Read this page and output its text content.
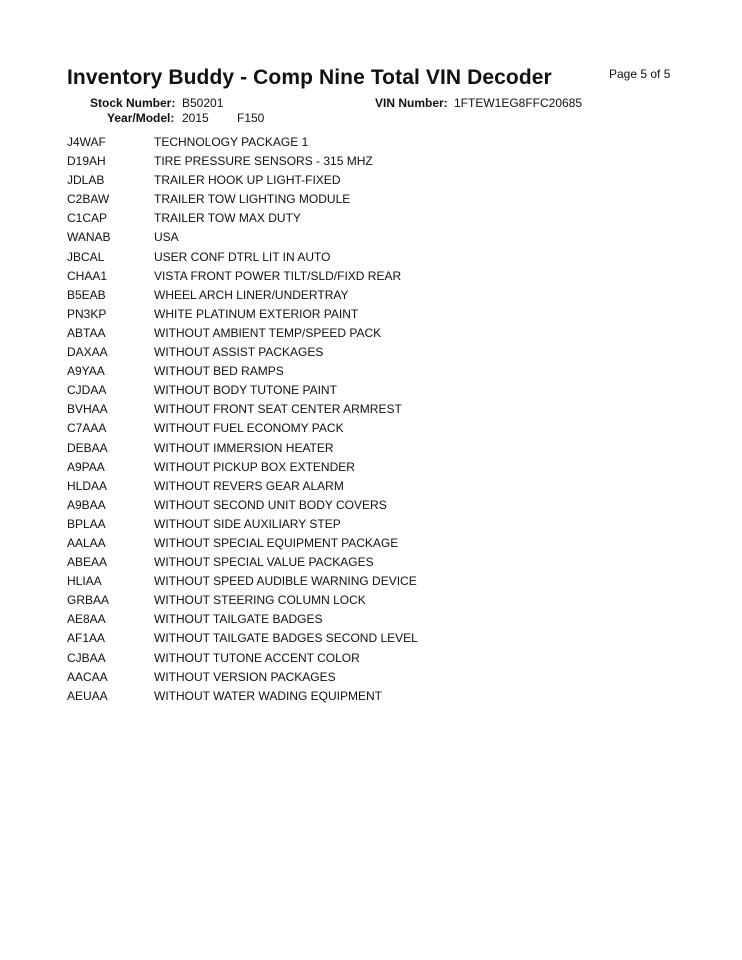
Inventory Buddy - Comp Nine Total VIN Decoder	Page 5 of 5
Stock Number: B50201	VIN Number: 1FTEW1EG8FFC20685
Year/Model: 2015 F150
J4WAF	TECHNOLOGY PACKAGE 1
D19AH	TIRE PRESSURE SENSORS - 315 MHZ
JDLAB	TRAILER HOOK UP LIGHT-FIXED
C2BAW	TRAILER TOW LIGHTING MODULE
C1CAP	TRAILER TOW MAX DUTY
WANAB	USA
JBCAL	USER CONF DTRL LIT IN AUTO
CHAA1	VISTA FRONT POWER TILT/SLD/FIXD REAR
B5EAB	WHEEL ARCH LINER/UNDERTRAY
PN3KP	WHITE PLATINUM EXTERIOR PAINT
ABTAA	WITHOUT AMBIENT TEMP/SPEED PACK
DAXAA	WITHOUT ASSIST PACKAGES
A9YAA	WITHOUT BED RAMPS
CJDAA	WITHOUT BODY TUTONE PAINT
BVHAA	WITHOUT FRONT SEAT CENTER ARMREST
C7AAA	WITHOUT FUEL ECONOMY PACK
DEBAA	WITHOUT IMMERSION HEATER
A9PAA	WITHOUT PICKUP BOX EXTENDER
HLDAA	WITHOUT REVERS GEAR ALARM
A9BAA	WITHOUT SECOND UNIT BODY COVERS
BPLAA	WITHOUT SIDE AUXILIARY STEP
AALAA	WITHOUT SPECIAL EQUIPMENT PACKAGE
ABEAA	WITHOUT SPECIAL VALUE PACKAGES
HLIAA	WITHOUT SPEED AUDIBLE WARNING DEVICE
GRBAA	WITHOUT STEERING COLUMN LOCK
AE8AA	WITHOUT TAILGATE BADGES
AF1AA	WITHOUT TAILGATE BADGES SECOND LEVEL
CJBAA	WITHOUT TUTONE ACCENT COLOR
AACAA	WITHOUT VERSION PACKAGES
AEUAA	WITHOUT WATER WADING EQUIPMENT
